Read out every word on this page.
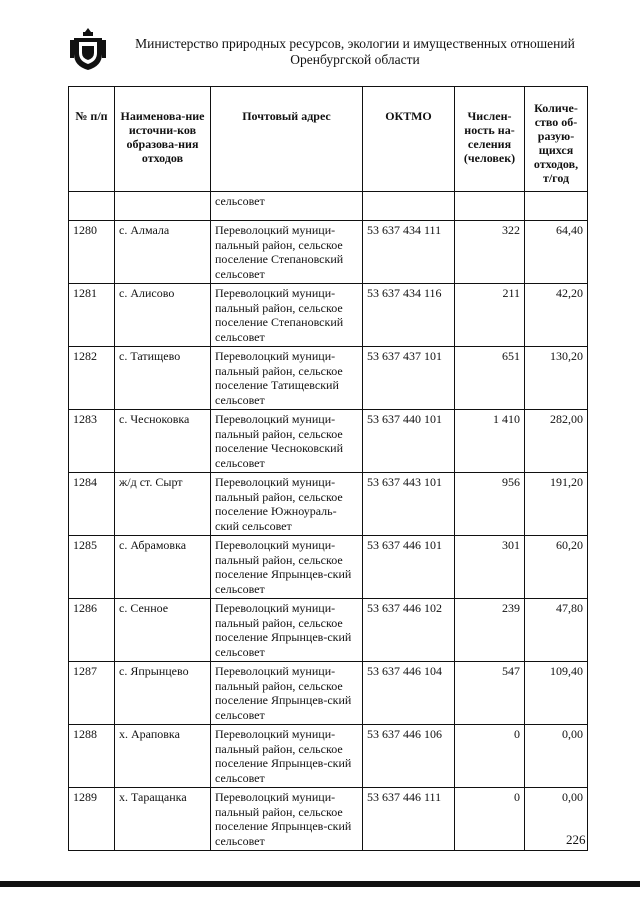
Министерство природных ресурсов, экологии и имущественных отношений
Оренбургской области
№ п/п	Наименова-ние источни-ков образова-ния отходов	Почтовый адрес	ОКТМО	Числен-ность на-селения (человек)	Количе-ство об-разую-щихся отходов, т/год
		сельсовет			
1280	с. Алмала	Переволоцкий муници-пальный район, сельское поселение Степановский сельсовет	53 637 434 111	322	64,40
1281	с. Алисово	Переволоцкий муници-пальный район, сельское поселение Степановский сельсовет	53 637 434 116	211	42,20
1282	с. Татищево	Переволоцкий муници-пальный район, сельское поселение Татищевский сельсовет	53 637 437 101	651	130,20
1283	с. Чесноковка	Переволоцкий муници-пальный район, сельское поселение Чесноковский сельсовет	53 637 440 101	1 410	282,00
1284	ж/д ст. Сырт	Переволоцкий муници-пальный район, сельское поселение Южноураль-ский сельсовет	53 637 443 101	956	191,20
1285	с. Абрамовка	Переволоцкий муници-пальный район, сельское поселение Япрынцев-ский сельсовет	53 637 446 101	301	60,20
1286	с. Сенное	Переволоцкий муници-пальный район, сельское поселение Япрынцев-ский сельсовет	53 637 446 102	239	47,80
1287	с. Япрынцево	Переволоцкий муници-пальный район, сельское поселение Япрынцев-ский сельсовет	53 637 446 104	547	109,40
1288	х. Араповка	Переволоцкий муници-пальный район, сельское поселение Япрынцев-ский сельсовет	53 637 446 106	0	0,00
1289	х. Таращанка	Переволоцкий муници-пальный район, сельское поселение Япрынцев-ский сельсовет	53 637 446 111	0	0,00
226
